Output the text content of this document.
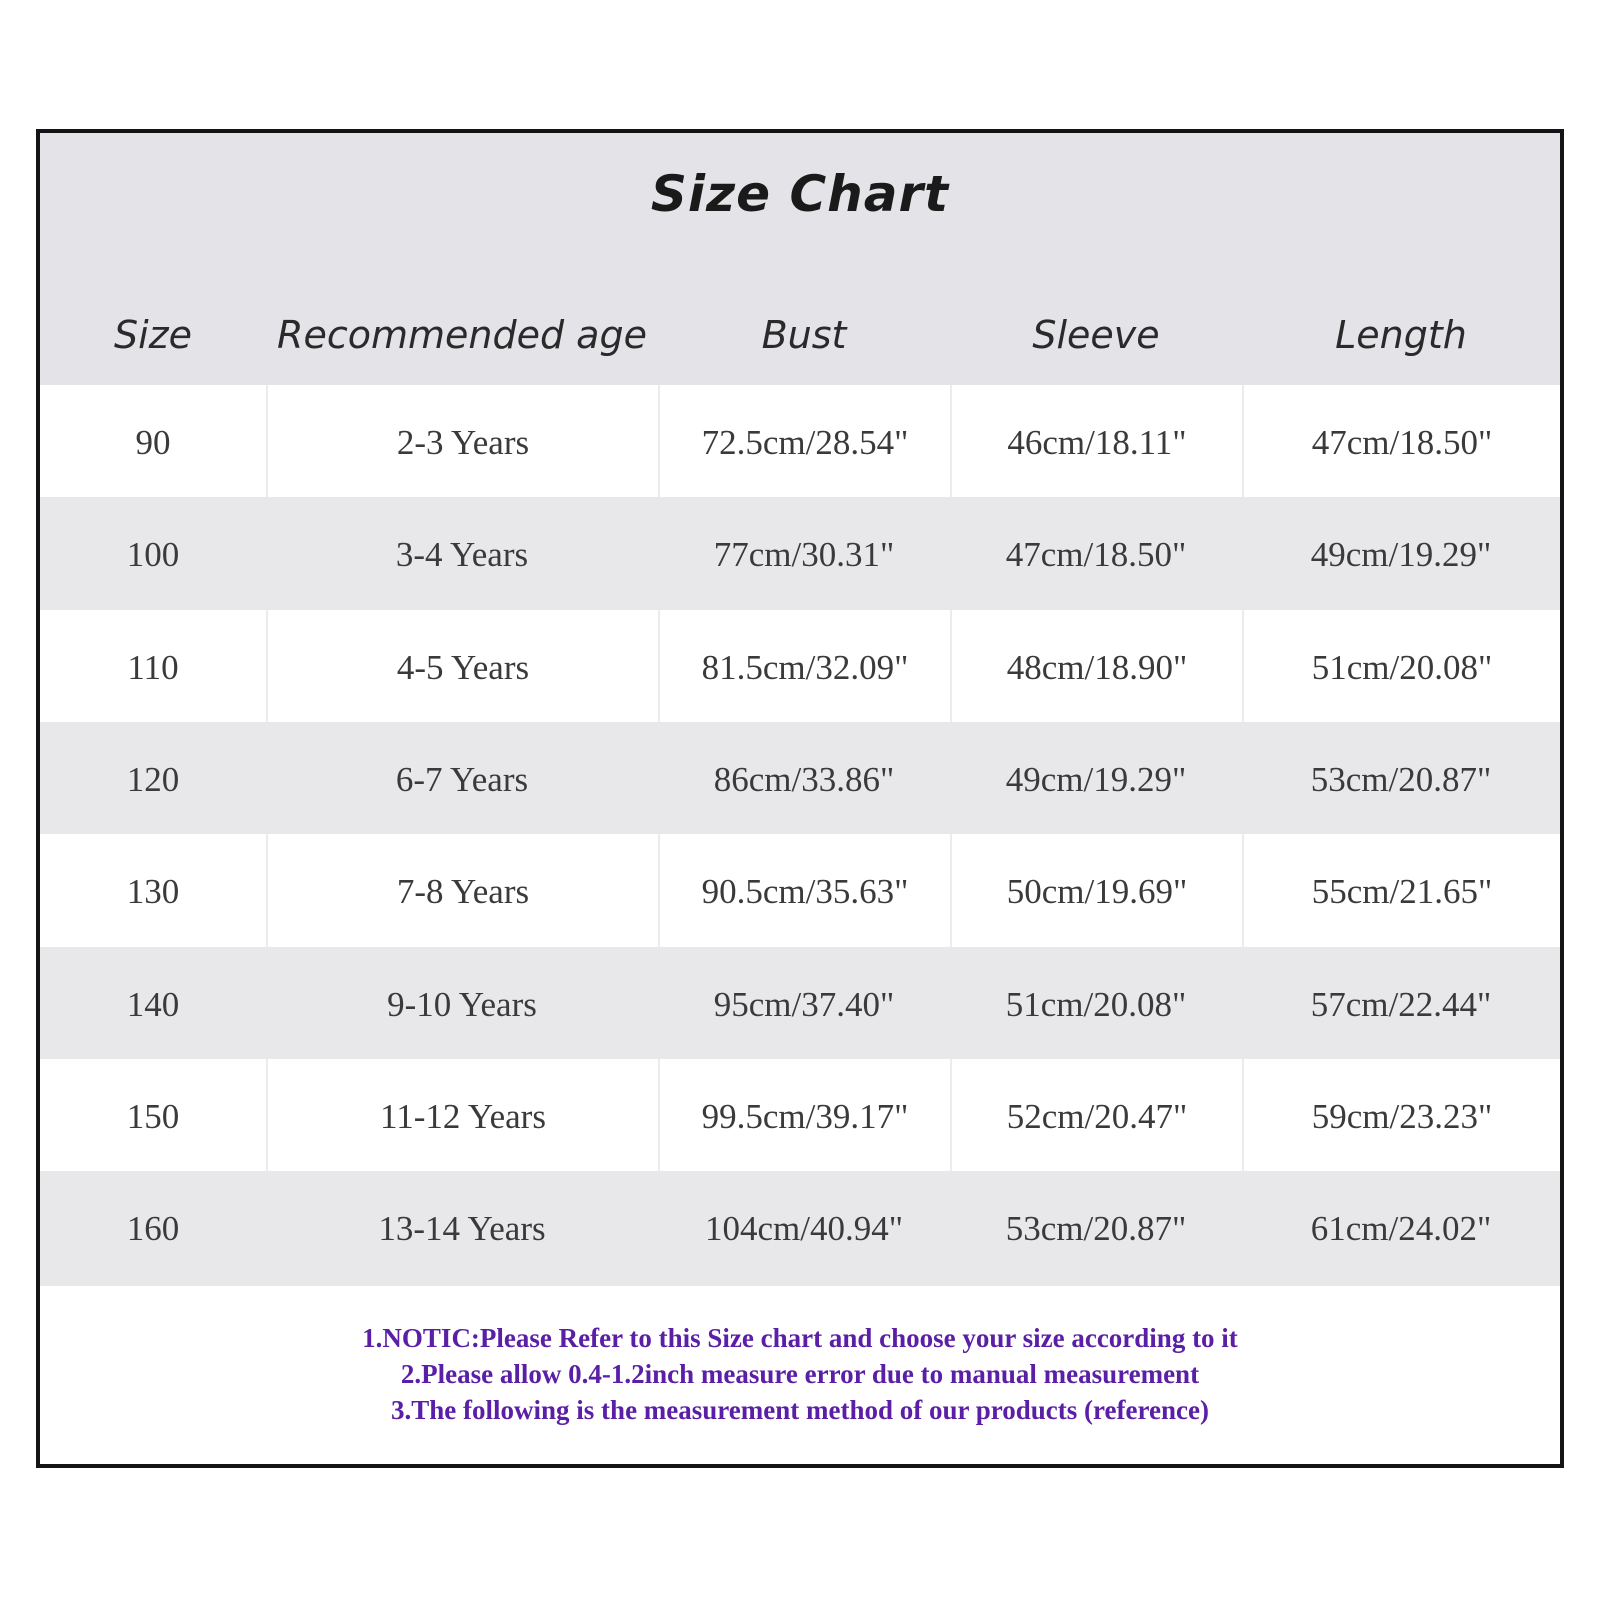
Size Chart
Size	Recommended age	Bust	Sleeve	Length
90	2-3 Years	72.5cm/28.54"	46cm/18.11"	47cm/18.50"
100	3-4 Years	77cm/30.31"	47cm/18.50"	49cm/19.29"
110	4-5 Years	81.5cm/32.09"	48cm/18.90"	51cm/20.08"
120	6-7 Years	86cm/33.86"	49cm/19.29"	53cm/20.87"
130	7-8 Years	90.5cm/35.63"	50cm/19.69"	55cm/21.65"
140	9-10 Years	95cm/37.40"	51cm/20.08"	57cm/22.44"
150	11-12 Years	99.5cm/39.17"	52cm/20.47"	59cm/23.23"
160	13-14 Years	104cm/40.94"	53cm/20.87"	61cm/24.02"
1.NOTIC:Please Refer to this Size chart and choose your size according to it
2.Please allow 0.4-1.2inch measure error due to manual measurement
3.The following is the measurement method of our products (reference)
